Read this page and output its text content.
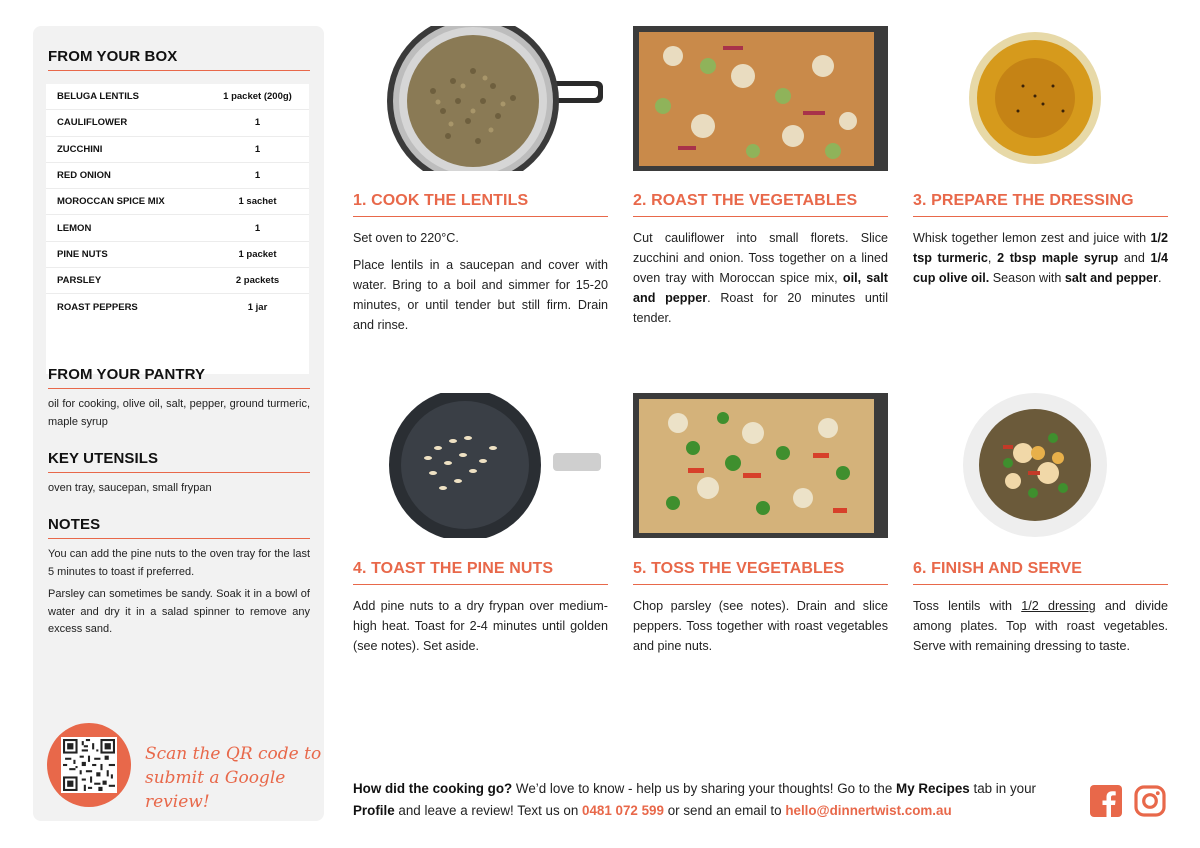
FROM YOUR BOX
BELUGA LENTILS	1 packet (200g)
CAULIFLOWER	1
ZUCCHINI	1
RED ONION	1
MOROCCAN SPICE MIX	1 sachet
LEMON	1
PINE NUTS	1 packet
PARSLEY	2 packets
ROAST PEPPERS	1 jar
FROM YOUR PANTRY
oil for cooking, olive oil, salt, pepper, ground turmeric, maple syrup
KEY UTENSILS
oven tray, saucepan, small frypan
NOTES
You can add the pine nuts to the oven tray for the last 5 minutes to toast if preferred.
Parsley can sometimes be sandy. Soak it in a bowl of water and dry it in a salad spinner to remove any excess sand.
Scan the QR code to
submit a Google review!
1. COOK THE LENTILS

Set oven to 220°C.

Place lentils in a saucepan and cover with water. Bring to a boil and simmer for 15-20 minutes, or until tender but still firm. Drain and rinse.

2. ROAST THE VEGETABLES

Cut cauliflower into small florets. Slice zucchini and onion. Toss together on a lined oven tray with Moroccan spice mix, oil, salt and pepper. Roast for 20 minutes until tender.

3. PREPARE THE DRESSING

Whisk together lemon zest and juice with 1/2 tsp turmeric, 2 tbsp maple syrup and 1/4 cup olive oil. Season with salt and pepper.

4. TOAST THE PINE NUTS

Add pine nuts to a dry frypan over medium-high heat. Toast for 2-4 minutes until golden (see notes). Set aside.

5. TOSS THE VEGETABLES

Chop parsley (see notes). Drain and slice peppers. Toss together with roast vegetables and pine nuts.

6. FINISH AND SERVE

Toss lentils with 1/2 dressing and divide among plates. Top with roast vegetables. Serve with remaining dressing to taste.

How did the cooking go? We’d love to know - help us by sharing your thoughts! Go to the My Recipes tab in your Profile and leave a review! Text us on 0481 072 599 or send an email to hello@dinnertwist.com.au
